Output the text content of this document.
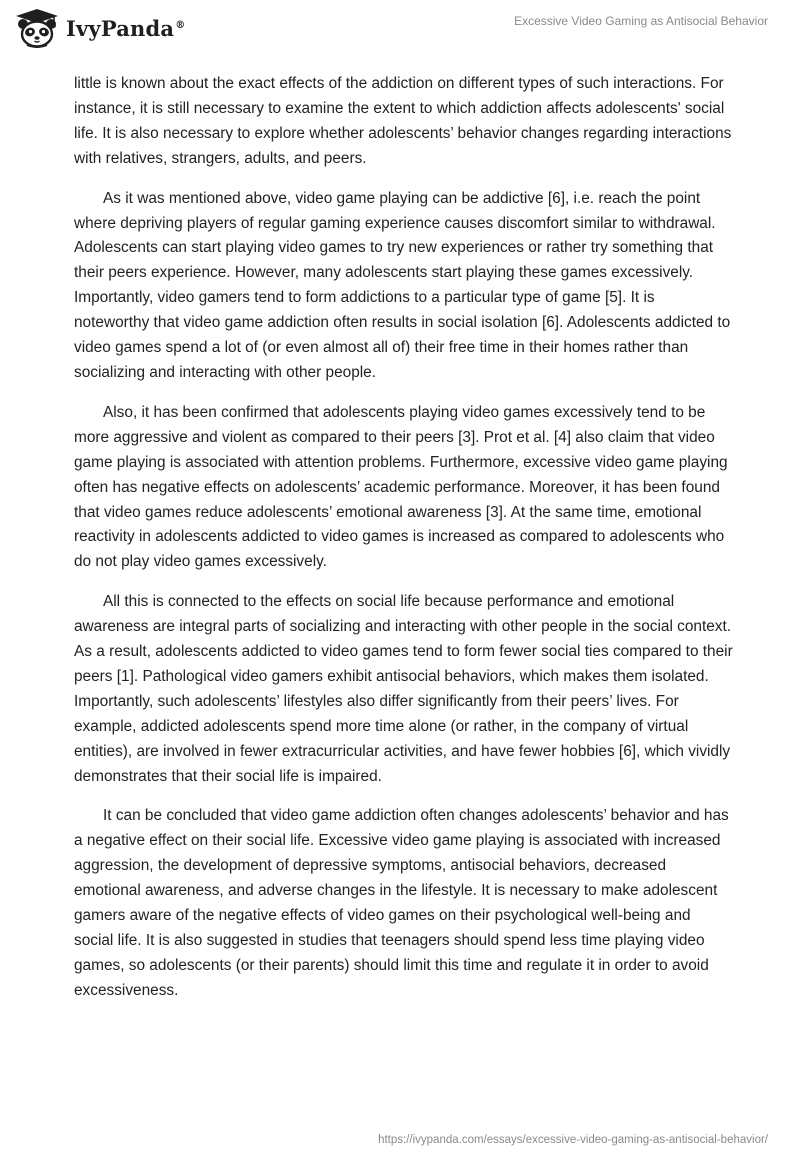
IvyPanda®	Excessive Video Gaming as Antisocial Behavior

little is known about the exact effects of the addiction on different types of such interactions. For instance, it is still necessary to examine the extent to which addiction affects adolescents' social life. It is also necessary to explore whether adolescents’ behavior changes regarding interactions with relatives, strangers, adults, and peers.

As it was mentioned above, video game playing can be addictive [6], i.e. reach the point where depriving players of regular gaming experience causes discomfort similar to withdrawal. Adolescents can start playing video games to try new experiences or rather try something that their peers experience. However, many adolescents start playing these games excessively. Importantly, video gamers tend to form addictions to a particular type of game [5]. It is noteworthy that video game addiction often results in social isolation [6]. Adolescents addicted to video games spend a lot of (or even almost all of) their free time in their homes rather than socializing and interacting with other people.

Also, it has been confirmed that adolescents playing video games excessively tend to be more aggressive and violent as compared to their peers [3]. Prot et al. [4] also claim that video game playing is associated with attention problems. Furthermore, excessive video game playing often has negative effects on adolescents’ academic performance. Moreover, it has been found that video games reduce adolescents’ emotional awareness [3]. At the same time, emotional reactivity in adolescents addicted to video games is increased as compared to adolescents who do not play video games excessively.

All this is connected to the effects on social life because performance and emotional awareness are integral parts of socializing and interacting with other people in the social context. As a result, adolescents addicted to video games tend to form fewer social ties compared to their peers [1]. Pathological video gamers exhibit antisocial behaviors, which makes them isolated. Importantly, such adolescents’ lifestyles also differ significantly from their peers’ lives. For example, addicted adolescents spend more time alone (or rather, in the company of virtual entities), are involved in fewer extracurricular activities, and have fewer hobbies [6], which vividly demonstrates that their social life is impaired.

It can be concluded that video game addiction often changes adolescents’ behavior and has a negative effect on their social life. Excessive video game playing is associated with increased aggression, the development of depressive symptoms, antisocial behaviors, decreased emotional awareness, and adverse changes in the lifestyle. It is necessary to make adolescent gamers aware of the negative effects of video games on their psychological well-being and social life. It is also suggested in studies that teenagers should spend less time playing video games, so adolescents (or their parents) should limit this time and regulate it in order to avoid excessiveness.

https://ivypanda.com/essays/excessive-video-gaming-as-antisocial-behavior/
